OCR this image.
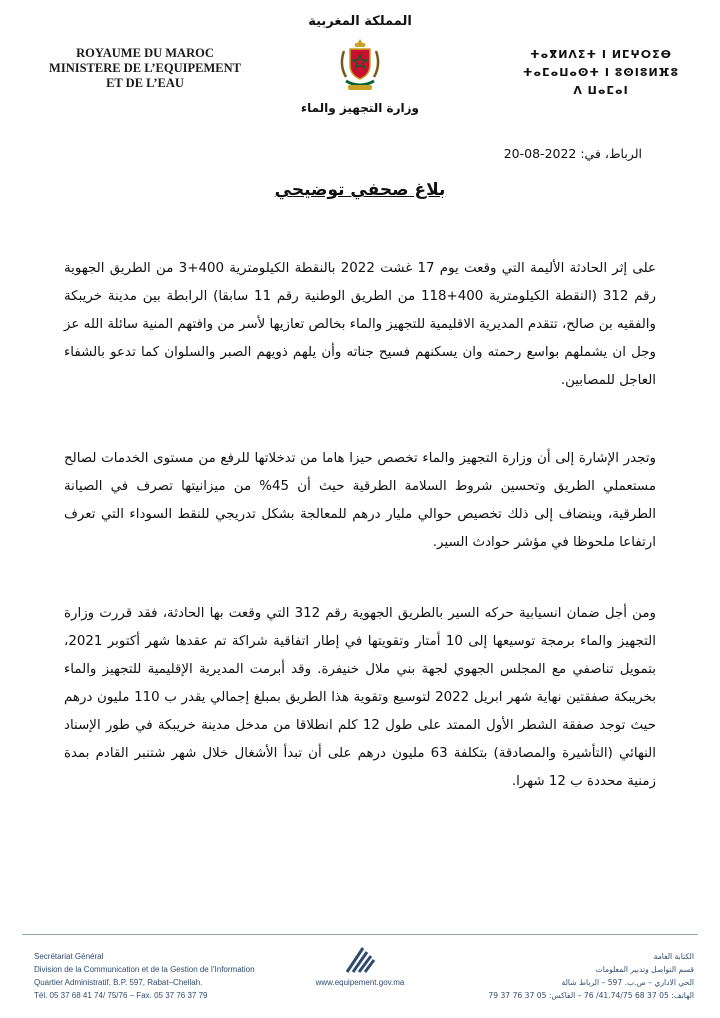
ROYAUME DU MAROC
MINISTERE DE L’EQUIPEMENT
ET DE L’EAU
المملكة المغربية
وزارة التجهيز والماء
ⵜⴰⴳⵍⴷⵉⵜ ⵏ ⵍⵎⵖⵔⵉⴱ
ⵜⴰⵎⴰⵡⴰⵙⵜ ⵏ ⵓⵙⵏⵓⵍⴼⵓ ⴷ ⵡⴰⵎⴰⵏ
الرباط، في: 2022-08-20
بلاغ صحفي توضيحي

على إثر الحادثة الأليمة التي وقعت يوم 17 غشت 2022 بالنقطة الكيلومترية 400+3 من الطريق الجهوية رقم 312 (النقطة الكيلومترية 400+118 من الطريق الوطنية رقم 11 سابقا) الرابطة بين مدينة خريبكة والفقيه بن صالح، تتقدم المديرية الاقليمية للتجهيز والماء بخالص تعازيها لأسر من وافتهم المنية سائلة الله عز وجل ان يشملهم بواسع رحمته وان يسكنهم فسيح جناته وأن يلهم ذويهم الصبر والسلوان كما تدعو بالشفاء العاجل للمصابين.

وتجدر الإشارة إلى أن وزارة التجهيز والماء تخصص حيزا هاما من تدخلاتها للرفع من مستوى الخدمات لصالح مستعملي الطريق وتحسين شروط السلامة الطرقية حيث أن 45% من ميزانيتها تصرف في الصيانة الطرقية، وينضاف إلى ذلك تخصيص حوالي مليار درهم للمعالجة بشكل تدريجي للنقط السوداء التي تعرف ارتفاعا ملحوظا في مؤشر حوادث السير.

ومن أجل ضمان انسيابية حركه السير بالطريق الجهوية رقم 312 التي وقعت بها الحادثة، فقد قررت وزارة التجهيز والماء برمجة توسيعها إلى 10 أمتار وتقويتها في إطار اتفاقية شراكة تم عقدها شهر أكتوبر 2021، بتمويل تناصفي مع المجلس الجهوي لجهة بني ملال خنيفرة. وقد أبرمت المديرية الإقليمية للتجهيز والماء بخريبكة صفقتين نهاية شهر ابريل 2022 لتوسيع وتقوية هذا الطريق بمبلغ إجمالي يقدر ب 110 مليون درهم حيث توجد صفقة الشطر الأول الممتد على طول 12 كلم انطلاقا من مدخل مدينة خريبكة في طور الإسناد النهائي (التأشيرة والمصادقة) بتكلفة 63 مليون درهم على أن تبدأ الأشغال خلال شهر شتنبر القادم بمدة زمنية محددة ب 12 شهرا.

Secrétariat Général
Division de la Communication et de la Gestion de l’Information
Quartier Administratif, B.P. 597, Rabat–Chellah.
Tél. 05 37 68 41 74/ 75/76 – Fax. 05 37 76 37 79
www.equipement.gov.ma
الكتابة العامة
قسم التواصل وتدبير المعلومات
الحي الاداري – ص.ب. 597 – الرباط شالة
الهاتف: 05 37 68 41.74/75/ 76 – الفاكس: 05 37 76 37 79
